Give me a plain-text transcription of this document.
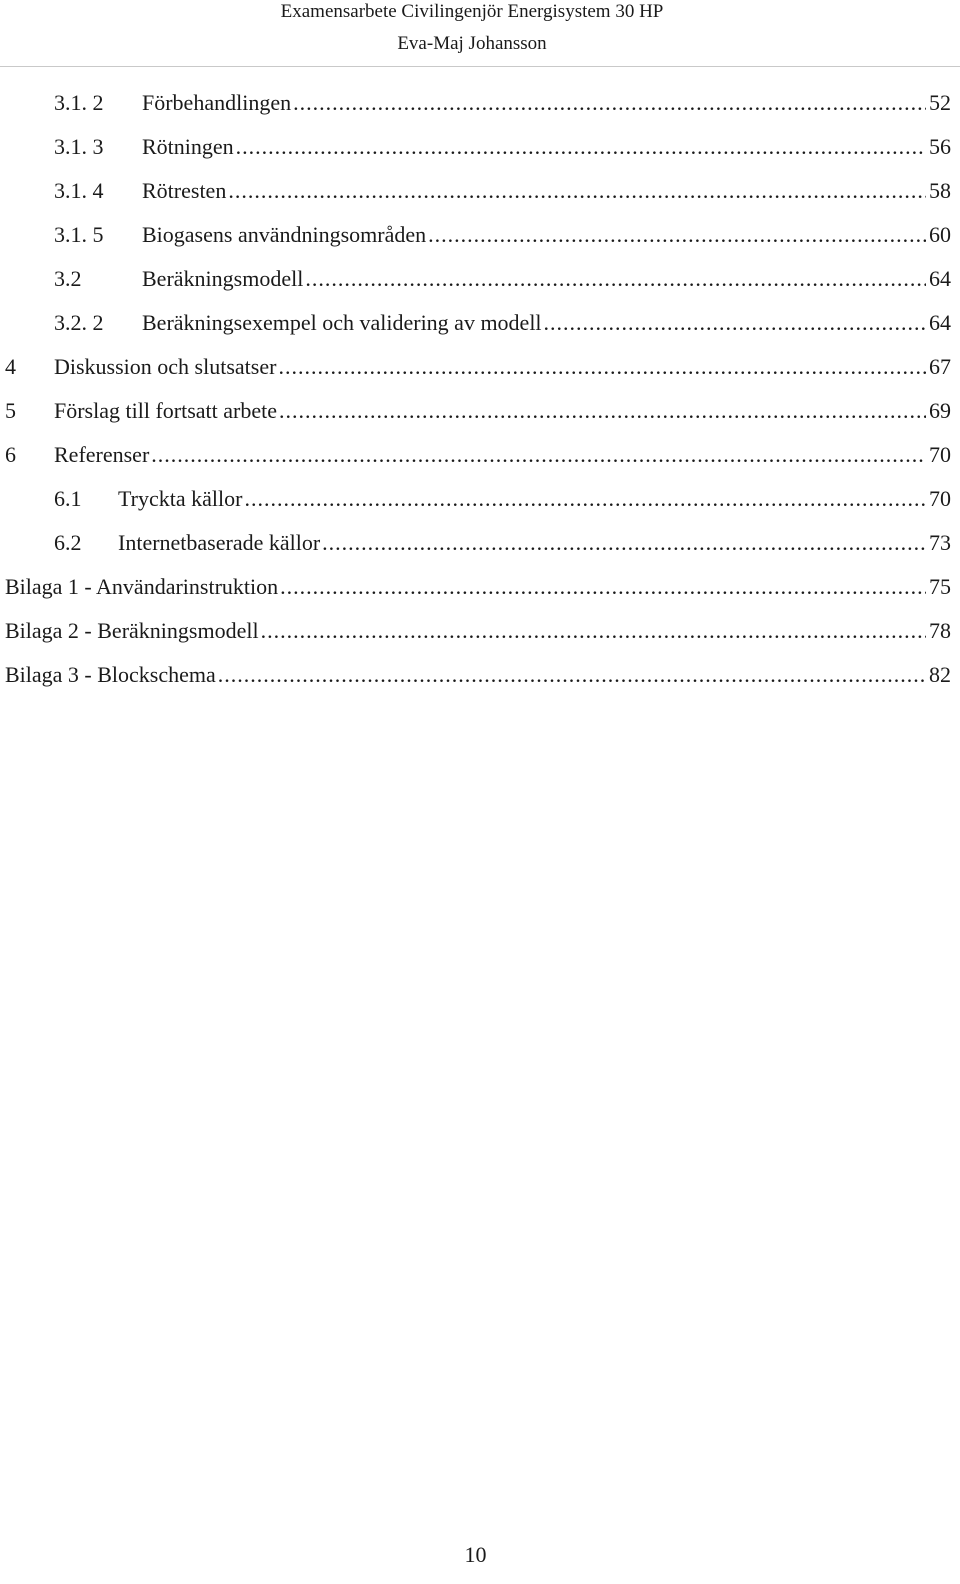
Examensarbete Civilingenjör Energisystem 30 HP
Eva-Maj Johansson
3.1. 2	Förbehandlingen .....	52
3.1. 3	Rötningen .....	56
3.1. 4	Rötresten .....	58
3.1. 5	Biogasens användningsområden .....	60
3.2	Beräkningsmodell .....	64
3.2. 2	Beräkningsexempel och validering av modell .....	64
4	Diskussion och slutsatser .....	67
5	Förslag till fortsatt arbete .....	69
6	Referenser .....	70
6.1	Tryckta källor .....	70
6.2	Internetbaserade källor .....	73
Bilaga 1 - Användarinstruktion .....	75
Bilaga 2 - Beräkningsmodell .....	78
Bilaga 3 - Blockschema .....	82
10
